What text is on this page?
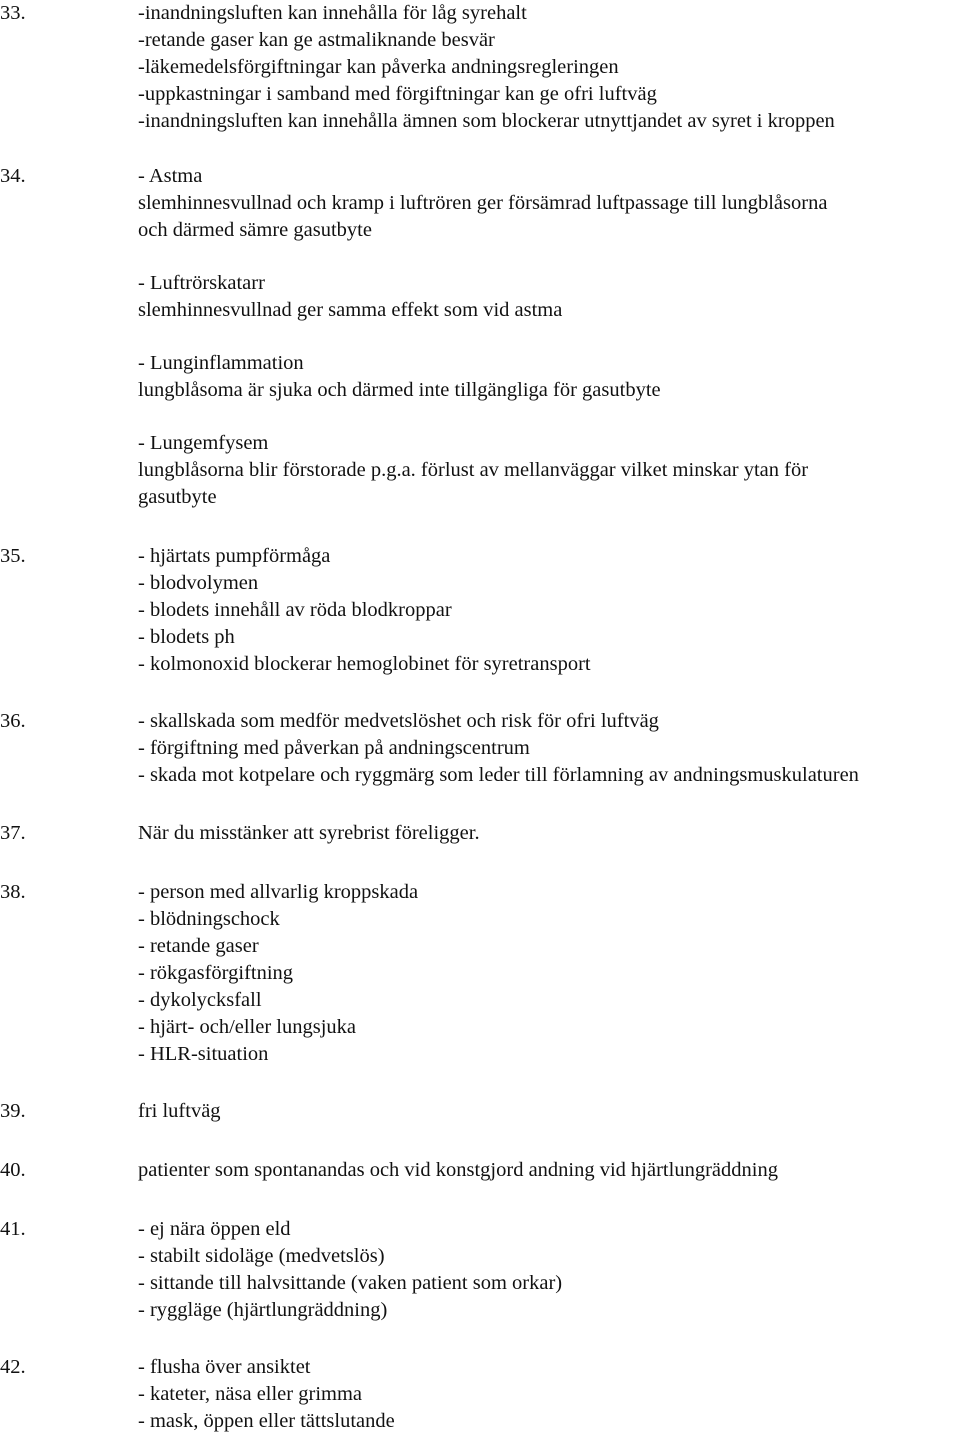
33.	-inandningsluften kan innehålla för låg syrehalt
-retande gaser kan ge astmaliknande besvär
-läkemedelsförgiftningar kan påverka andningsregleringen
-uppkastningar i samband med förgiftningar kan ge ofri luftväg
-inandningsluften kan innehålla ämnen som blockerar utnyttjandet av syret i kroppen
34.	- Astma
slemhinnesvullnad och kramp i luftrören ger försämrad luftpassage till lungblåsorna
och därmed sämre gasutbyte
- Luftrörskatarr
slemhinnesvullnad ger samma effekt som vid astma
- Lunginflammation
lungblåsoma är sjuka och därmed inte tillgängliga för gasutbyte
- Lungemfysem
lungblåsorna blir förstorade p.g.a. förlust av mellanväggar vilket minskar ytan för
gasutbyte
35.	- hjärtats pumpförmåga
- blodvolymen
- blodets innehåll av röda blodkroppar
- blodets ph
- kolmonoxid blockerar hemoglobinet för syretransport
36.	- skallskada som medför medvetslöshet och risk för ofri luftväg
- förgiftning med påverkan på andningscentrum
- skada mot kotpelare och ryggmärg som leder till förlamning av andningsmuskulaturen
37.	När du misstänker att syrebrist föreligger.
38.	- person med allvarlig kroppskada
- blödningschock
- retande gaser
- rökgasförgiftning
- dykolycksfall
- hjärt- och/eller lungsjuka
- HLR-situation
39.	fri luftväg
40.	patienter som spontanandas och vid konstgjord andning vid hjärtlungräddning
41.	- ej nära öppen eld
- stabilt sidoläge (medvetslös)
- sittande till halvsittande (vaken patient som orkar)
- ryggläge (hjärtlungräddning)
42.	- flusha över ansiktet
- kateter, näsa eller grimma
- mask, öppen eller tättslutande
